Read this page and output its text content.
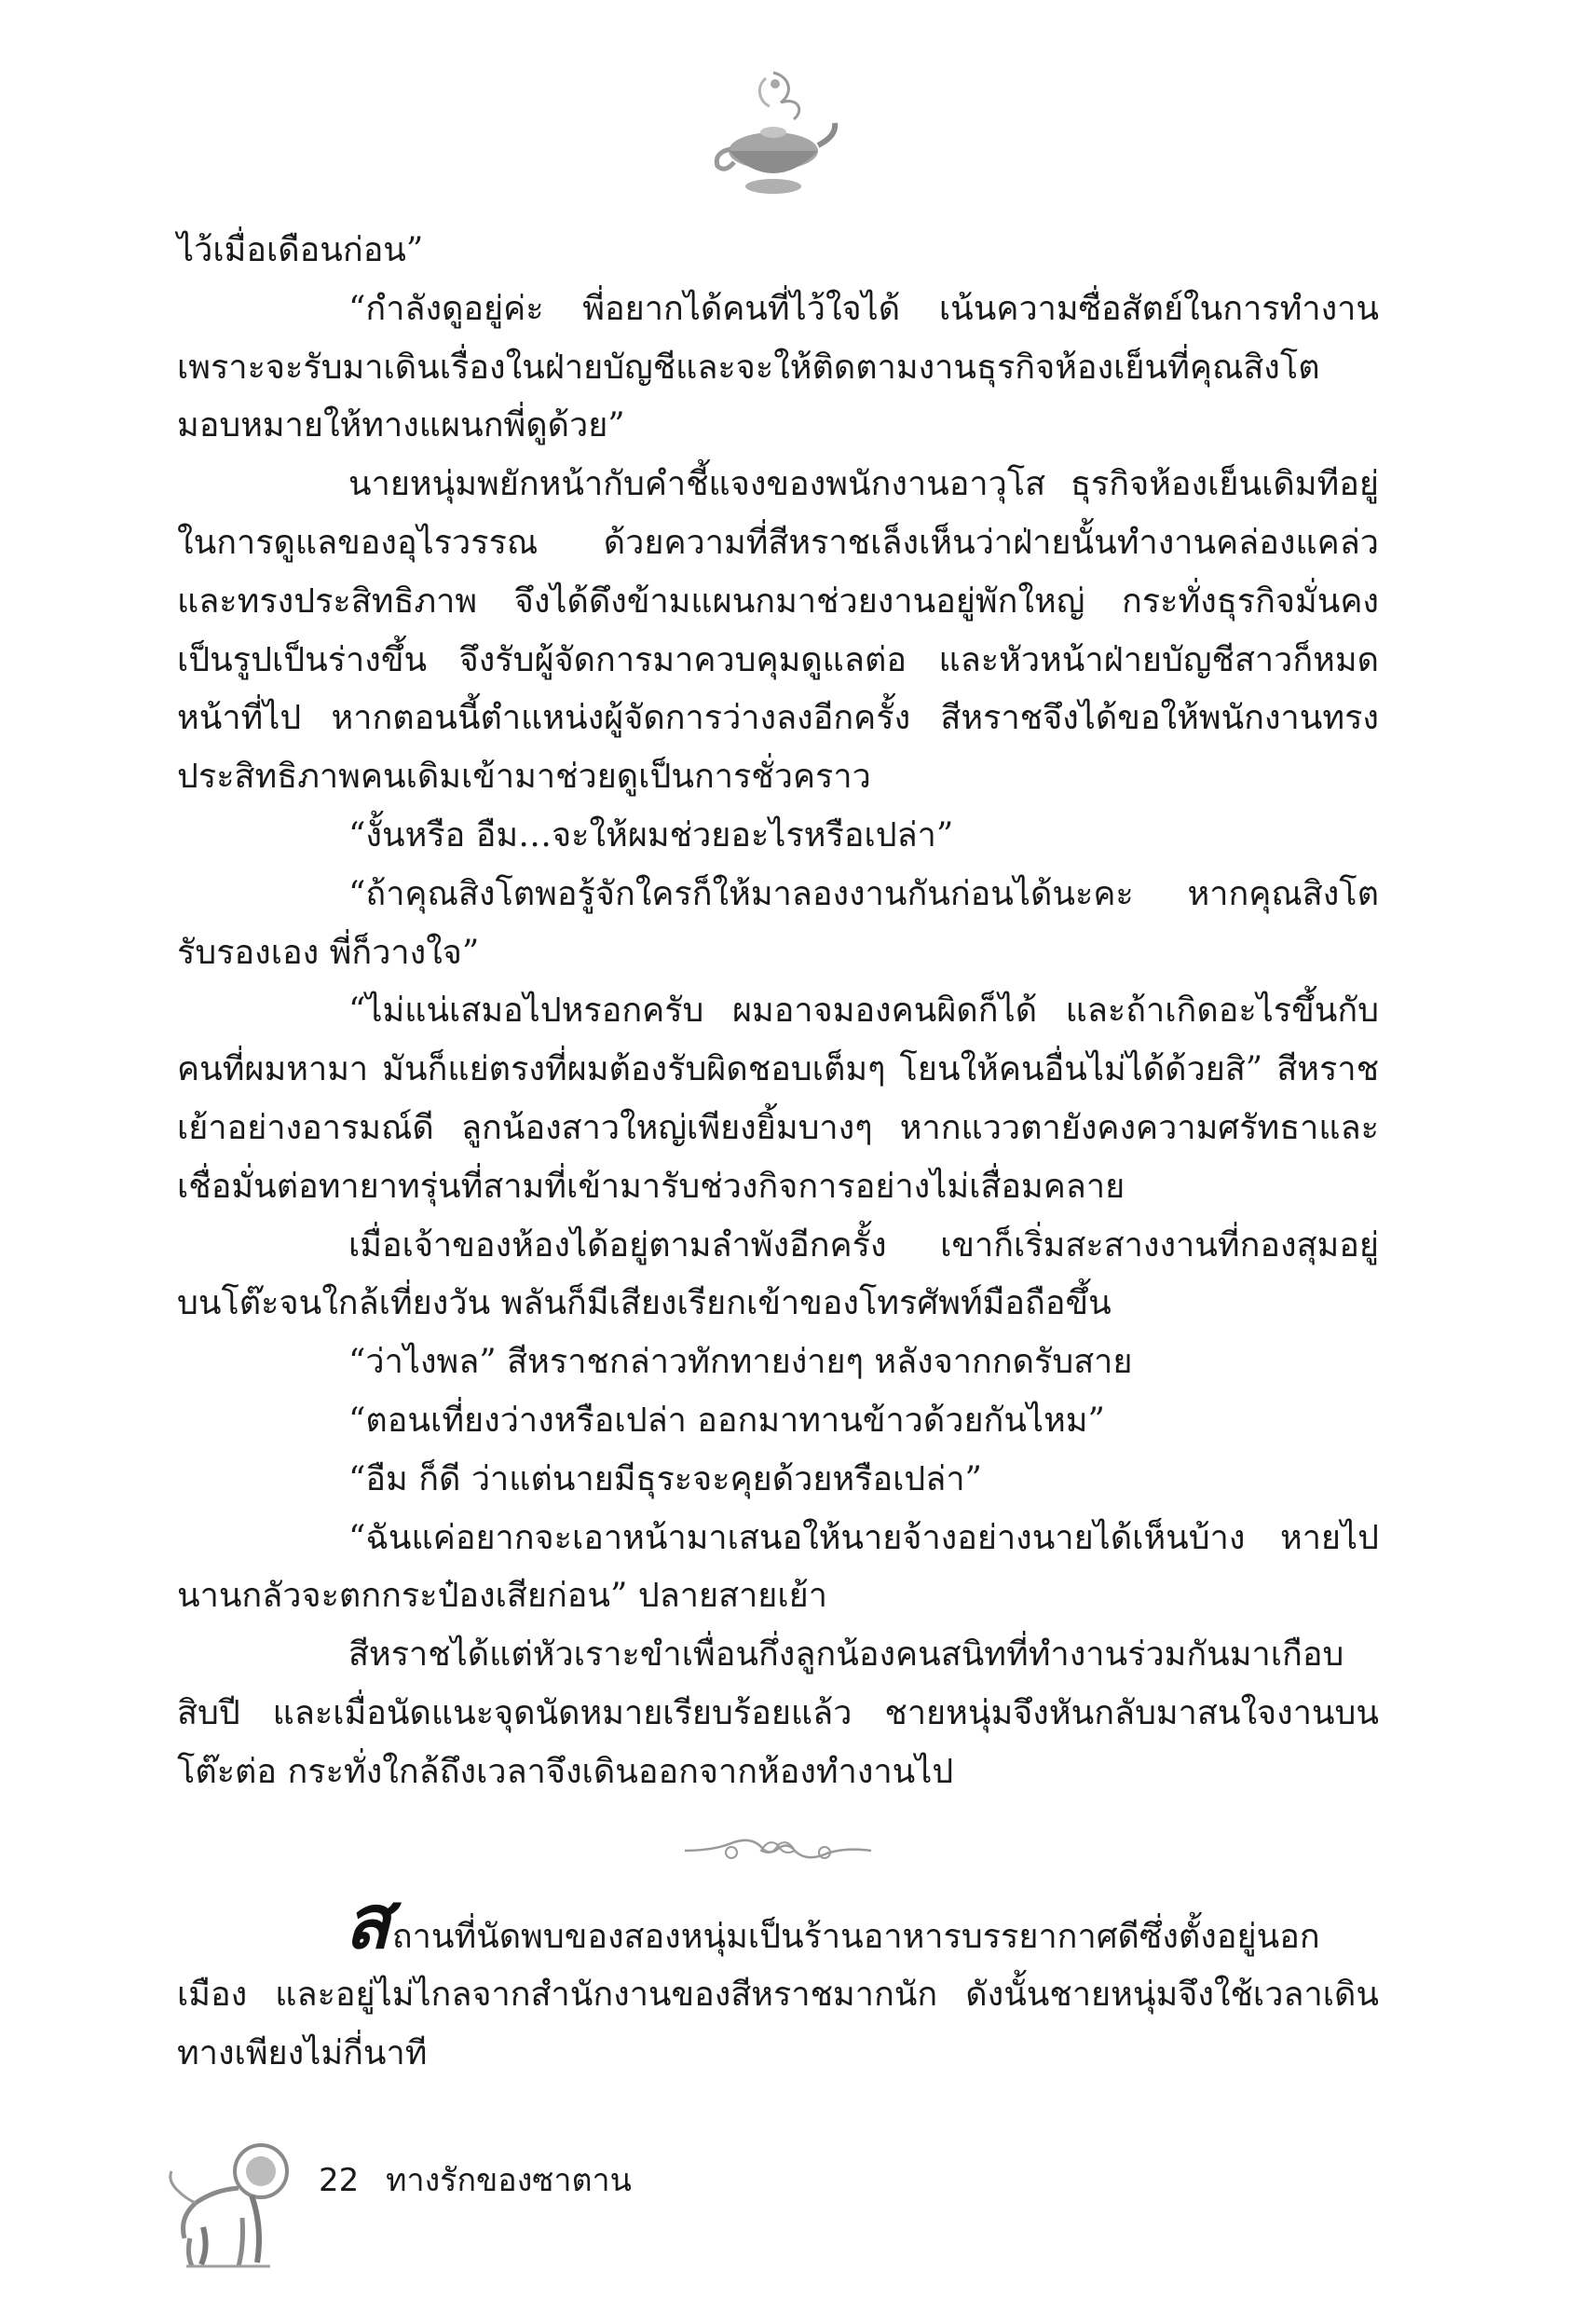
ไว้เมื่อเดือนก่อน”

“กำลังดูอยู่ค่ะ พี่อยากได้คนที่ไว้ใจได้ เน้นความซื่อสัตย์ในการทำงาน เพราะจะรับมาเดินเรื่องในฝ่ายบัญชีและจะให้ติดตามงานธุรกิจห้องเย็นที่คุณสิงโตมอบหมายให้ทางแผนกพี่ดูด้วย”

นายหนุ่มพยักหน้ากับคำชี้แจงของพนักงานอาวุโส ธุรกิจห้องเย็นเดิมทีอยู่ในการดูแลของอุไรวรรณ ด้วยความที่สีหราชเล็งเห็นว่าฝ่ายนั้นทำงานคล่องแคล่วและทรงประสิทธิภาพ จึงได้ดึงข้ามแผนกมาช่วยงานอยู่พักใหญ่ กระทั่งธุรกิจมั่นคงเป็นรูปเป็นร่างขึ้น จึงรับผู้จัดการมาควบคุมดูแลต่อ และหัวหน้าฝ่ายบัญชีสาวก็หมดหน้าที่ไป หากตอนนี้ตำแหน่งผู้จัดการว่างลงอีกครั้ง สีหราชจึงได้ขอให้พนักงานทรงประสิทธิภาพคนเดิมเข้ามาช่วยดูเป็นการชั่วคราว

“งั้นหรือ อืม…จะให้ผมช่วยอะไรหรือเปล่า”

“ถ้าคุณสิงโตพอรู้จักใครก็ให้มาลองงานกันก่อนได้นะคะ หากคุณสิงโตรับรองเอง พี่ก็วางใจ”

“ไม่แน่เสมอไปหรอกครับ ผมอาจมองคนผิดก็ได้ และถ้าเกิดอะไรขึ้นกับคนที่ผมหามา มันก็แย่ตรงที่ผมต้องรับผิดชอบเต็มๆ โยนให้คนอื่นไม่ได้ด้วยสิ” สีหราชเย้าอย่างอารมณ์ดี ลูกน้องสาวใหญ่เพียงยิ้มบางๆ หากแววตายังคงความศรัทธาและเชื่อมั่นต่อทายาทรุ่นที่สามที่เข้ามารับช่วงกิจการอย่างไม่เสื่อมคลาย

เมื่อเจ้าของห้องได้อยู่ตามลำพังอีกครั้ง เขาก็เริ่มสะสางงานที่กองสุมอยู่บนโต๊ะจนใกล้เที่ยงวัน พลันก็มีเสียงเรียกเข้าของโทรศัพท์มือถือขึ้น

“ว่าไงพล” สีหราชกล่าวทักทายง่ายๆ หลังจากกดรับสาย

“ตอนเที่ยงว่างหรือเปล่า ออกมาทานข้าวด้วยกันไหม”

“อืม ก็ดี ว่าแต่นายมีธุระจะคุยด้วยหรือเปล่า”

“ฉันแค่อยากจะเอาหน้ามาเสนอให้นายจ้างอย่างนายได้เห็นบ้าง หายไปนานกลัวจะตกกระป๋องเสียก่อน” ปลายสายเย้า

สีหราชได้แต่หัวเราะขำเพื่อนกึ่งลูกน้องคนสนิทที่ทำงานร่วมกันมาเกือบสิบปี และเมื่อนัดแนะจุดนัดหมายเรียบร้อยแล้ว ชายหนุ่มจึงหันกลับมาสนใจงานบนโต๊ะต่อ กระทั่งใกล้ถึงเวลาจึงเดินออกจากห้องทำงานไป

สถานที่นัดพบของสองหนุ่มเป็นร้านอาหารบรรยากาศดีซึ่งตั้งอยู่นอกเมือง และอยู่ไม่ไกลจากสำนักงานของสีหราชมากนัก ดังนั้นชายหนุ่มจึงใช้เวลาเดินทางเพียงไม่กี่นาที

22 ทางรักของซาตาน
